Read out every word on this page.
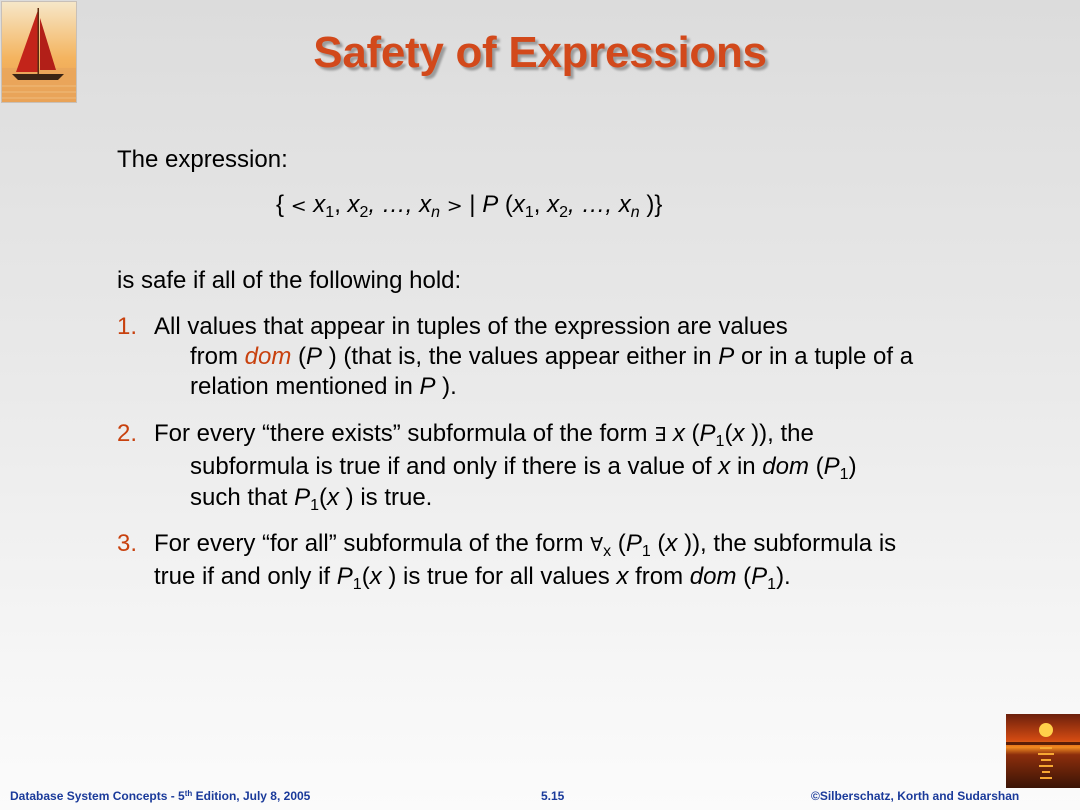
Safety of Expressions
The expression:
{ < $x_1$, $x_2$, …, $x_n$ > | P ($x_1$, $x_2$, …, $x_n$ )}
is safe if all of the following hold:
1. All values that appear in tuples of the expression are values
from dom (P ) (that is, the values appear either in P or in a tuple of a
relation mentioned in P ).
2. For every “there exists” subformula of the form ∃ x ($P_1(x$ )), the
subformula is true if and only if there is a value of x in dom $(P_1)$
such that $P_1(x$ ) is true.
3. For every “for all” subformula of the form $\forall_x$ ($P_1$ (x )), the subformula is
true if and only if $P_1(x$ ) is true for all values x from dom $(P_1)$.
Database System Concepts - 5th Edition, July 8, 2005	5.15	©Silberschatz, Korth and Sudarshan
